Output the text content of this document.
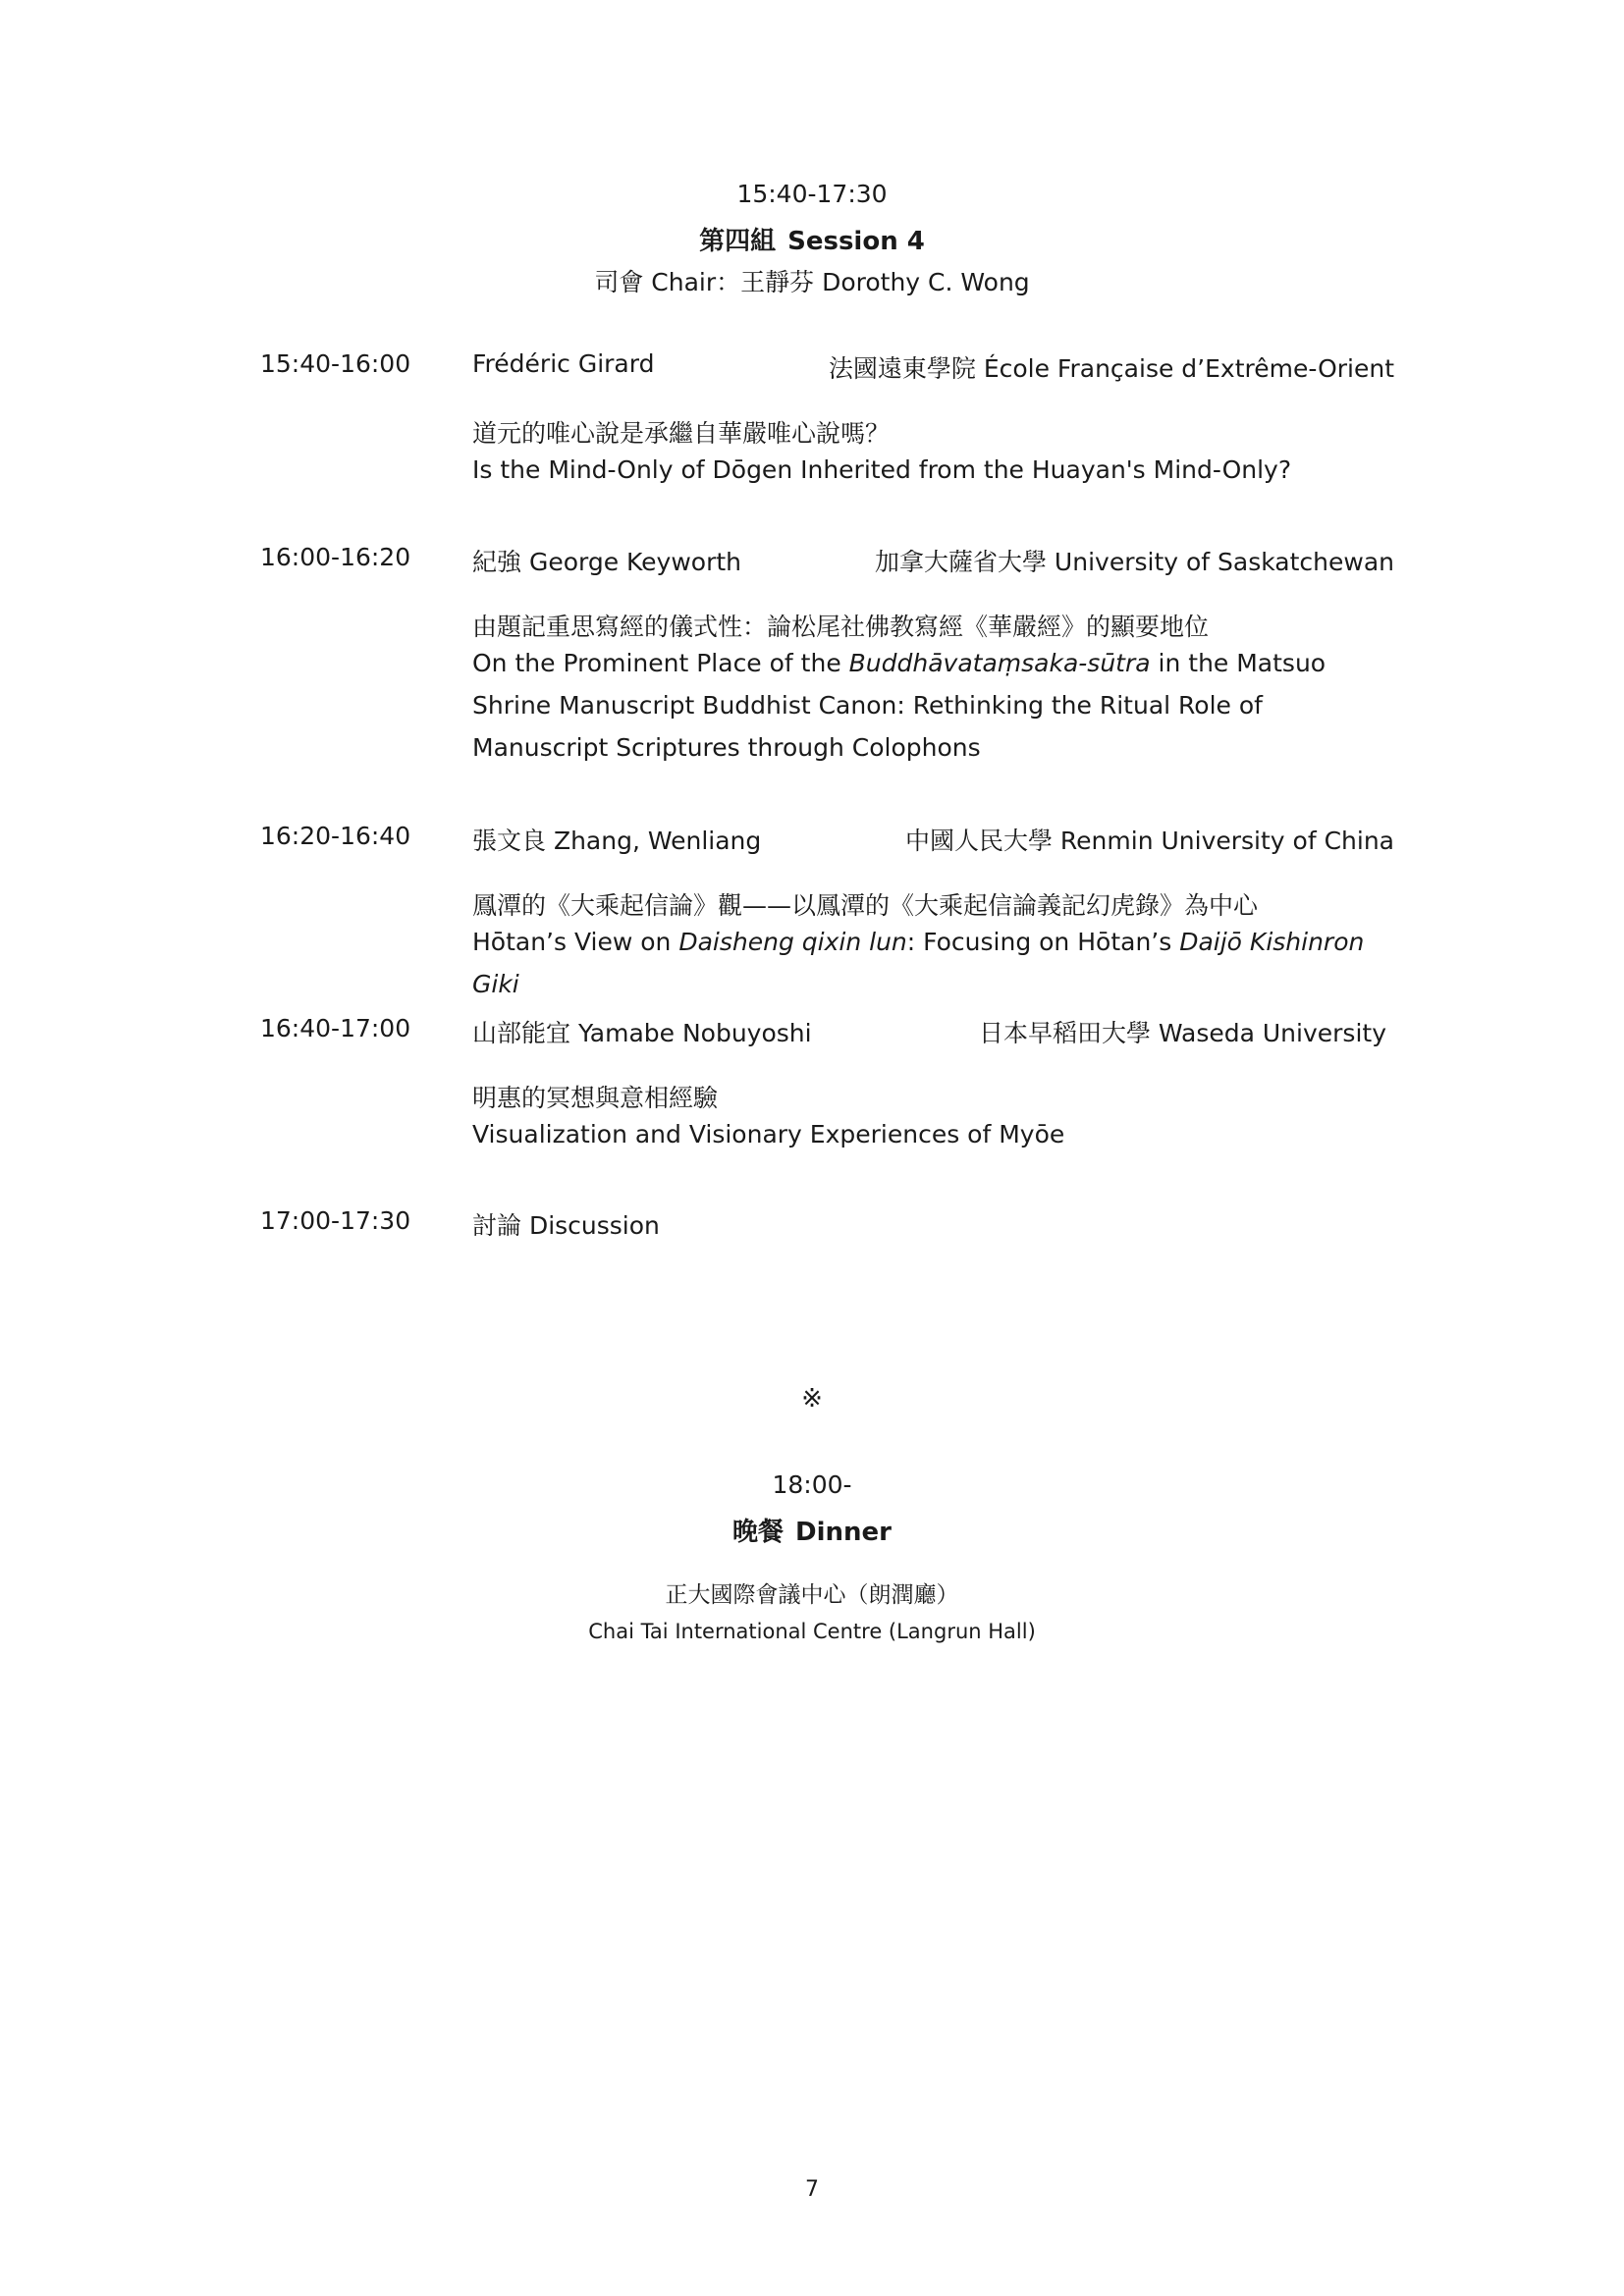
15:40-17:30
第四組 Session 4
司會 Chair：王靜芬 Dorothy C. Wong
15:40-16:00	Frédéric Girard	法國遠東學院 École Française d’Extrême-Orient
道元的唯心說是承繼自華嚴唯心說嗎？
Is the Mind-Only of Dōgen Inherited from the Huayan's Mind-Only?
16:00-16:20	紀強 George Keyworth	加拿大薩省大學 University of Saskatchewan
由題記重思寫經的儀式性：論松尾社佛教寫經《華嚴經》的顯要地位
On the Prominent Place of the Buddhāvataṃsaka-sūtra in the Matsuo Shrine Manuscript Buddhist Canon: Rethinking the Ritual Role of Manuscript Scriptures through Colophons
16:20-16:40	張文良 Zhang, Wenliang	中國人民大學 Renmin University of China
鳳潭的《大乘起信論》觀——以鳳潭的《大乘起信論義記幻虎錄》為中心
Hōtan’s View on Daisheng qixin lun: Focusing on Hōtan’s Daijō Kishinron Giki
16:40-17:00	山部能宜 Yamabe Nobuyoshi	日本早稻田大學 Waseda University
明惠的冥想與意相經驗
Visualization and Visionary Experiences of Myōe
17:00-17:30	討論 Discussion
※
18:00-
晚餐 Dinner
正大國際會議中心（朗潤廳）
Chai Tai International Centre (Langrun Hall)
7
